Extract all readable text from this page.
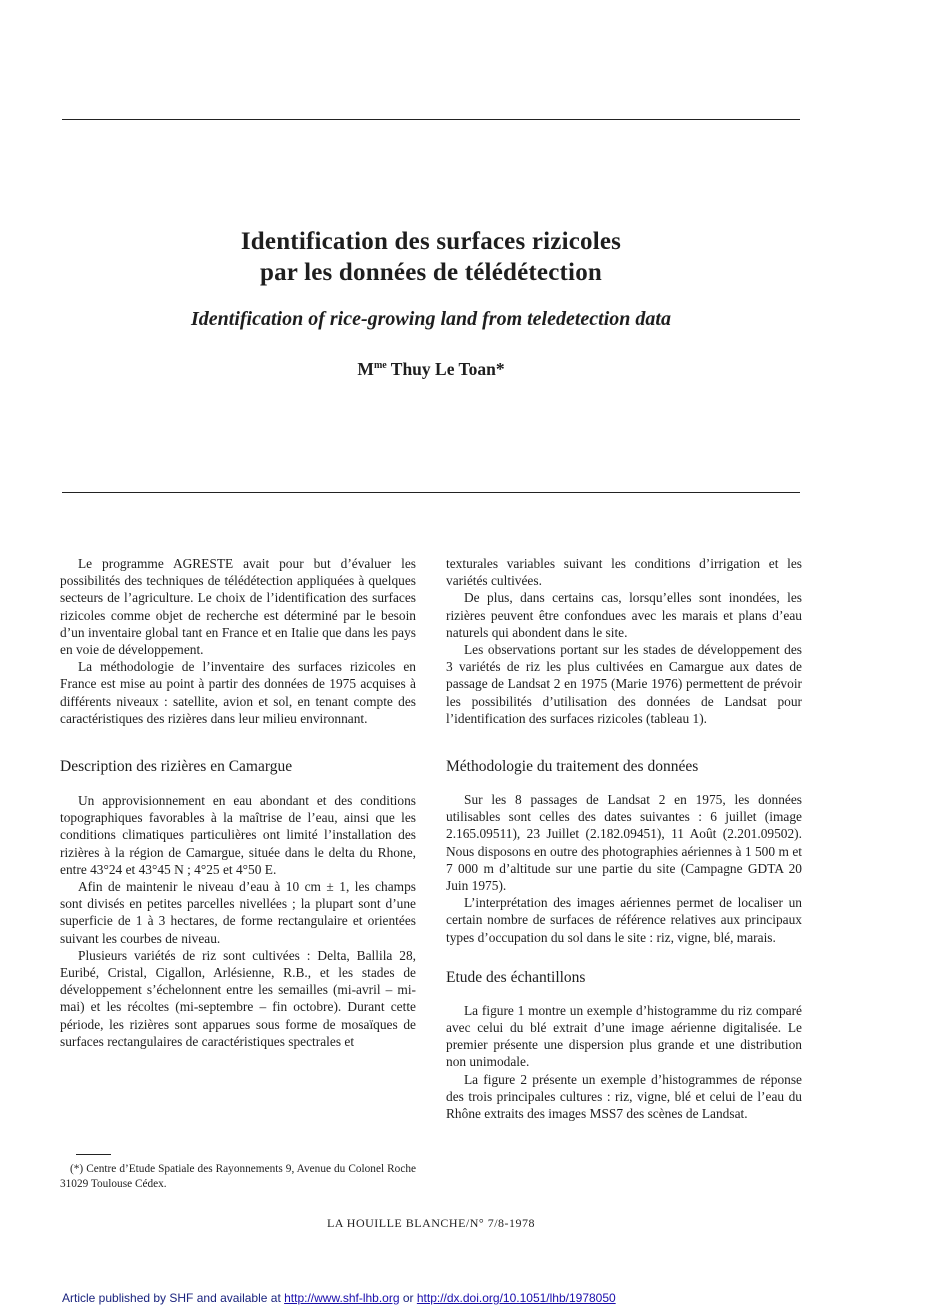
Identification des surfaces rizicoles
par les données de télédétection
Identification of rice-growing land from teledetection data
$M^{me}$ Thuy Le Toan*

Le programme AGRESTE avait pour but d’évaluer les possibilités des techniques de télédétection appliquées à quelques secteurs de l’agriculture. Le choix de l’identification des surfaces rizicoles comme objet de recherche est déterminé par le besoin d’un inventaire global tant en France et en Italie que dans les pays en voie de développement.

La méthodologie de l’inventaire des surfaces rizicoles en France est mise au point à partir des données de 1975 acquises à différents niveaux : satellite, avion et sol, en tenant compte des caractéristiques des rizières dans leur milieu environnant.

Description des rizières en Camargue

Un approvisionnement en eau abondant et des conditions topographiques favorables à la maîtrise de l’eau, ainsi que les conditions climatiques particulières ont limité l’installation des rizières à la région de Camargue, située dans le delta du Rhone, entre 43°24 et 43°45 N ; 4°25 et 4°50 E.

Afin de maintenir le niveau d’eau à 10 cm ± 1, les champs sont divisés en petites parcelles nivellées ; la plupart sont d’une superficie de 1 à 3 hectares, de forme rectangulaire et orientées suivant les courbes de niveau.

Plusieurs variétés de riz sont cultivées : Delta, Ballila 28, Euribé, Cristal, Cigallon, Arlésienne, R.B., et les stades de développement s’échelonnent entre les semailles (mi-avril – mi-mai) et les récoltes (mi-septembre – fin octobre). Durant cette période, les rizières sont apparues sous forme de mosaïques de surfaces rectangulaires de caractéristiques spectrales et

texturales variables suivant les conditions d’irrigation et les variétés cultivées.

De plus, dans certains cas, lorsqu’elles sont inondées, les rizières peuvent être confondues avec les marais et plans d’eau naturels qui abondent dans le site.

Les observations portant sur les stades de développement des 3 variétés de riz les plus cultivées en Camargue aux dates de passage de Landsat 2 en 1975 (Marie 1976) permettent de prévoir les possibilités d’utilisation des données de Landsat pour l’identification des surfaces rizicoles (tableau 1).

Méthodologie du traitement des données

Sur les 8 passages de Landsat 2 en 1975, les données utilisables sont celles des dates suivantes : 6 juillet (image 2.165.09511), 23 Juillet (2.182.09451), 11 Août (2.201.09502). Nous disposons en outre des photographies aériennes à 1 500 m et 7 000 m d’altitude sur une partie du site (Campagne GDTA 20 Juin 1975).

L’interprétation des images aériennes permet de localiser un certain nombre de surfaces de référence relatives aux principaux types d’occupation du sol dans le site : riz, vigne, blé, marais.

Etude des échantillons

La figure 1 montre un exemple d’histogramme du riz comparé avec celui du blé extrait d’une image aérienne digitalisée. Le premier présente une dispersion plus grande et une distribution non unimodale.

La figure 2 présente un exemple d’histogrammes de réponse des trois principales cultures : riz, vigne, blé et celui de l’eau du Rhône extraits des images MSS7 des scènes de Landsat.

(*) Centre d’Etude Spatiale des Rayonnements 9, Avenue du Colonel Roche 31029 Toulouse Cédex.
LA HOUILLE BLANCHE/N° 7/8-1978
Article published by SHF and available at http://www.shf-lhb.org or http://dx.doi.org/10.1051/lhb/1978050
